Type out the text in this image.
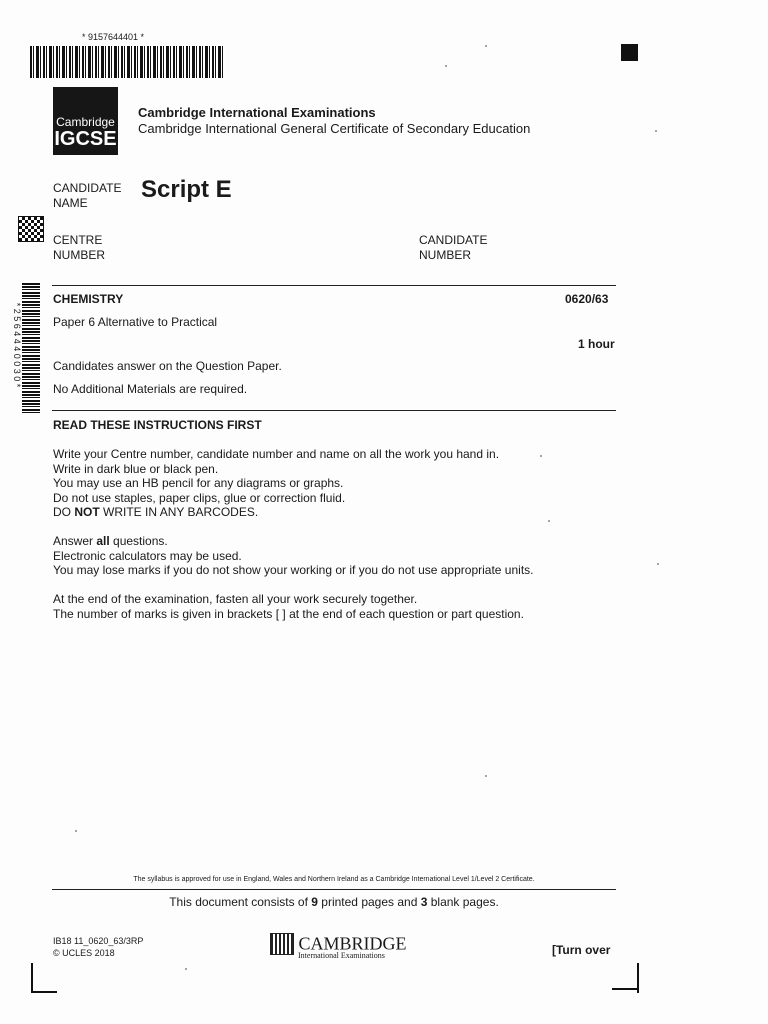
* 9157644401 *
Cambridge
IGCSE
Cambridge International Examinations
Cambridge International General Certificate of Secondary Education
CANDIDATE
NAME	Script E
CENTRE
NUMBER
CANDIDATE
NUMBER
* 2 5 6 4 4 4 0 0 3 0 *
CHEMISTRY	0620/63
Paper 6 Alternative to Practical
1 hour
Candidates answer on the Question Paper.
No Additional Materials are required.
READ THESE INSTRUCTIONS FIRST
Write your Centre number, candidate number and name on all the work you hand in.
Write in dark blue or black pen.
You may use an HB pencil for any diagrams or graphs.
Do not use staples, paper clips, glue or correction fluid.
DO NOT WRITE IN ANY BARCODES.
Answer all questions.
Electronic calculators may be used.
You may lose marks if you do not show your working or if you do not use appropriate units.
At the end of the examination, fasten all your work securely together.
The number of marks is given in brackets [ ] at the end of each question or part question.
The syllabus is approved for use in England, Wales and Northern Ireland as a Cambridge International Level 1/Level 2 Certificate.
This document consists of 9 printed pages and 3 blank pages.
IB18 11_0620_63/3RP
© UCLES 2018	CAMBRIDGE
International Examinations	[Turn over
